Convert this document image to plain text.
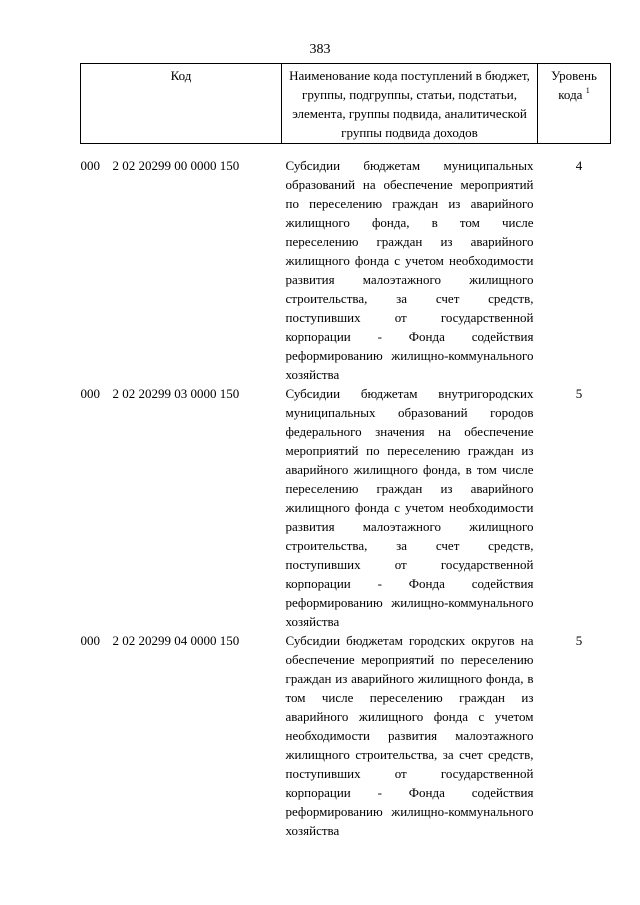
383
Код	Наименование кода поступлений в бюджет, группы, подгруппы, статьи, подстатьи, элемента, группы подвида, аналитической группы подвида доходов	Уровень кода $^1$

000 2 02 20299 00 0000 150	Субсидии бюджетам муниципальных образований на обеспечение мероприятий по переселению граждан из аварийного жилищного фонда, в том числе переселению граждан из аварийного жилищного фонда с учетом необходимости развития малоэтажного жилищного строительства, за счет средств, поступивших от государственной корпорации - Фонда содействия реформированию жилищно-коммунального хозяйства	4
000 2 02 20299 03 0000 150	Субсидии бюджетам внутригородских муниципальных образований городов федерального значения на обеспечение мероприятий по переселению граждан из аварийного жилищного фонда, в том числе переселению граждан из аварийного жилищного фонда с учетом необходимости развития малоэтажного жилищного строительства, за счет средств, поступивших от государственной корпорации - Фонда содействия реформированию жилищно-коммунального хозяйства	5
000 2 02 20299 04 0000 150	Субсидии бюджетам городских округов на обеспечение мероприятий по переселению граждан из аварийного жилищного фонда, в том числе переселению граждан из аварийного жилищного фонда с учетом необходимости развития малоэтажного жилищного строительства, за счет средств, поступивших от государственной корпорации - Фонда содействия реформированию жилищно-коммунального хозяйства	5
